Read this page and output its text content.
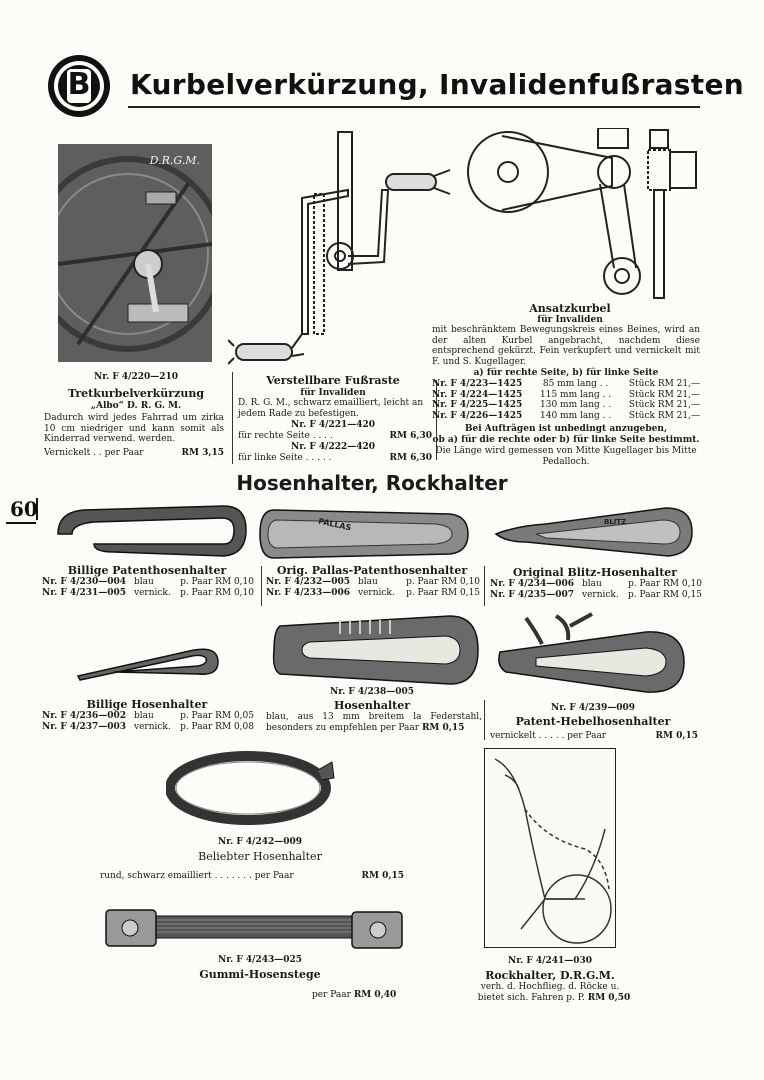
B	Kurbelverkürzung, Invalidenfußrasten
D.R.G.M.
Nr. F 4/220—210
Tretkurbelverkürzung
„Albo“ D. R. G. M.
Dadurch wird jedes Fahrrad um zirka 10 cm niedriger und kann somit als Kinderrad verwend. werden.
Vernickelt . . per Paar	RM 3,15
Verstellbare Fußraste
für Invaliden
D. R. G. M., schwarz emailliert, leicht an jedem Rade zu befestigen.
Nr. F 4/221—420
für rechte Seite . . . .	RM 6,30
Nr. F 4/222—420
für linke Seite . . . . .	RM 6,30
Ansatzkurbel
für Invaliden
mit beschränktem Bewegungskreis eines Beines, wird an der alten Kurbel angebracht, nachdem diese entsprechend gekürzt. Fein verkupfert und vernickelt mit F. und S. Kugellager.
a) für rechte Seite, b) für linke Seite
Nr. F 4/223—1425 85 mm lang . . Stück RM 21,—
Nr. F 4/224—1425 115 mm lang . . Stück RM 21,—
Nr. F 4/225—1425 130 mm lang . . Stück RM 21,—
Nr. F 4/226—1425 140 mm lang . . Stück RM 21,—
Bei Aufträgen ist unbedingt anzugeben,
ob a) für die rechte oder b) für linke Seite bestimmt.
Die Länge wird gemessen von Mitte Kugellager bis Mitte Pedalloch.
60
Hosenhalter, Rockhalter
PALLAS	BLITZ
Billige Patenthosenhalter
Nr. F 4/230—004 blau	p. Paar RM 0,10
Nr. F 4/231—005 vernick.	p. Paar RM 0,10
Orig. Pallas-Patenthosenhalter
Nr. F 4/232—005 blau	p. Paar RM 0,10
Nr. F 4/233—006 vernick.	p. Paar RM 0,15
Original Blitz-Hosenhalter
Nr. F 4/234—006 blau	p. Paar RM 0,10
Nr. F 4/235—007 vernick.	p. Paar RM 0,15
Billige Hosenhalter
Nr. F 4/236—002 blau	p. Paar RM 0,05
Nr. F 4/237—003 vernick.	p. Paar RM 0,08
Nr. F 4/238—005
Hosenhalter
blau, aus 13 mm breitem la Federstahl, besonders zu empfehlen per Paar RM 0,15
Nr. F 4/239—009
Patent-Hebelhosenhalter
vernickelt . . . . . per Paar	RM 0,15
Nr. F 4/242—009
Beliebter Hosenhalter
rund, schwarz emailliert . . . . . . . per Paar	RM 0,15
Nr. F 4/243—025
Gummi-Hosenstege
per Paar RM 0,40
Nr. F 4/241—030
Rockhalter, D.R.G.M.
verh. d. Hochflieg. d. Röcke u.
bietet sich. Fahren p. P. RM 0,50
